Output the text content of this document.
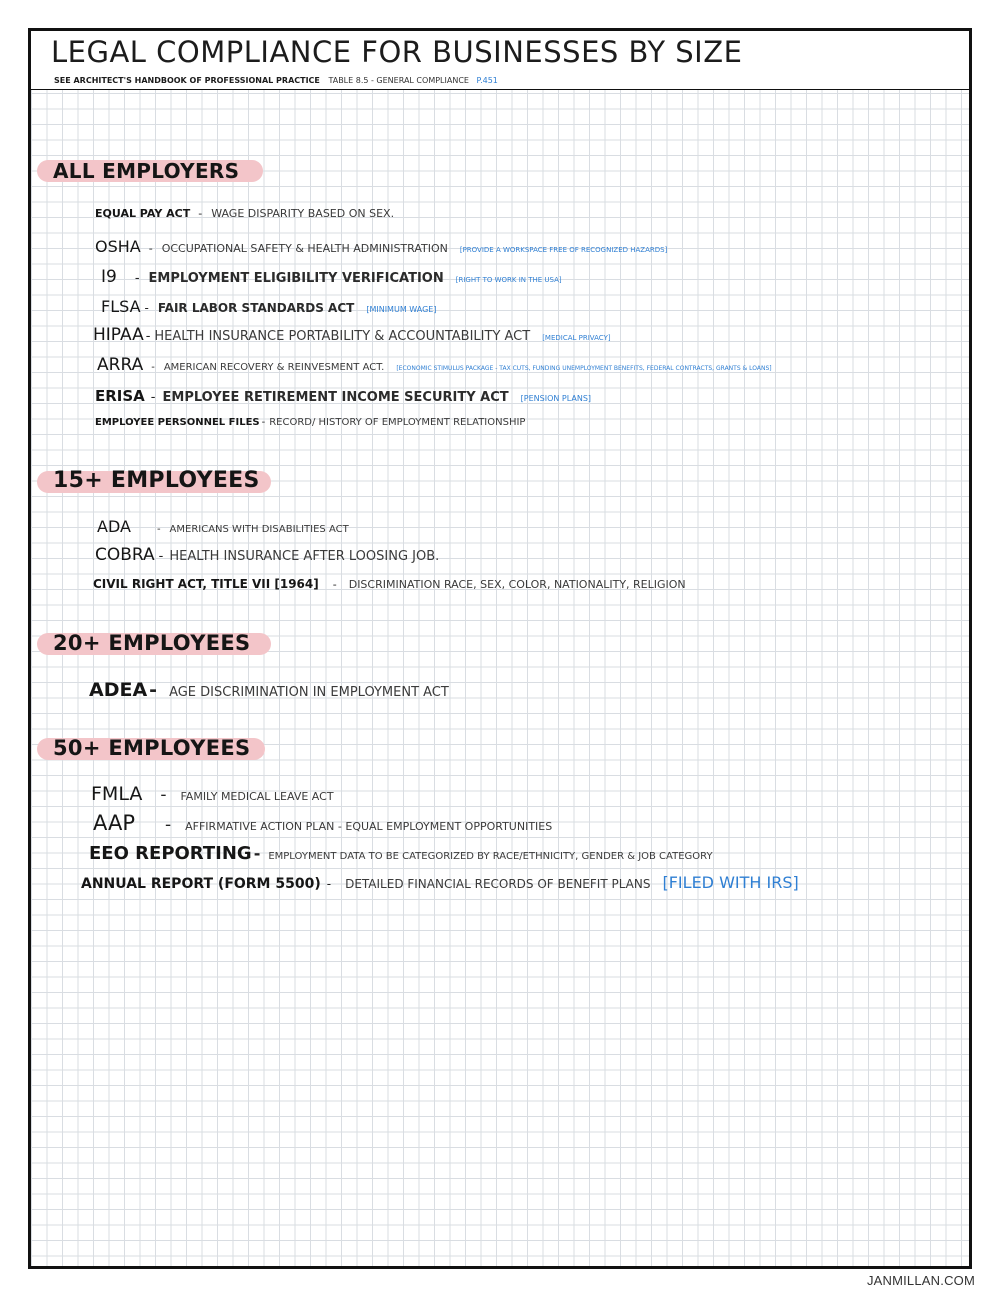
LEGAL COMPLIANCE FOR BUSINESSES BY SIZE
SEE ARCHITECT'S HANDBOOK OF PROFESSIONAL PRACTICE TABLE 8.5 - GENERAL COMPLIANCE P.451
ALL EMPLOYERS
EQUAL PAY ACT - WAGE DISPARITY BASED ON SEX.
OSHA - OCCUPATIONAL SAFETY & HEALTH ADMINISTRATION [PROVIDE A WORKSPACE FREE OF RECOGNIZED HAZARDS]
I9 - EMPLOYMENT ELIGIBILITY VERIFICATION [RIGHT TO WORK IN THE USA]
FLSA - FAIR LABOR STANDARDS ACT [MINIMUM WAGE]
HIPAA - HEALTH INSURANCE PORTABILITY & ACCOUNTABILITY ACT [MEDICAL PRIVACY]
ARRA - AMERICAN RECOVERY & REINVESMENT ACT. [ECONOMIC STIMULUS PACKAGE - TAX CUTS, FUNDING UNEMPLOYMENT BENEFITS, FEDERAL CONTRACTS, GRANTS & LOANS]
ERISA - EMPLOYEE RETIREMENT INCOME SECURITY ACT [PENSION PLANS]
EMPLOYEE PERSONNEL FILES - RECORD/ HISTORY OF EMPLOYMENT RELATIONSHIP
15+ EMPLOYEES
ADA	- AMERICANS WITH DISABILITIES ACT
COBRA - HEALTH INSURANCE AFTER LOOSING JOB.
CIVIL RIGHT ACT, TITLE VII [1964] - DISCRIMINATION RACE, SEX, COLOR, NATIONALITY, RELIGION
20+ EMPLOYEES
ADEA - AGE DISCRIMINATION IN EMPLOYMENT ACT
50+ EMPLOYEES
FMLA - FAMILY MEDICAL LEAVE ACT
AAP - AFFIRMATIVE ACTION PLAN - EQUAL EMPLOYMENT OPPORTUNITIES
EEO REPORTING - EMPLOYMENT DATA TO BE CATEGORIZED BY RACE/ETHNICITY, GENDER & JOB CATEGORY
ANNUAL REPORT (FORM 5500) - DETAILED FINANCIAL RECORDS OF BENEFIT PLANS [FILED WITH IRS]
JANMILLAN.COM
